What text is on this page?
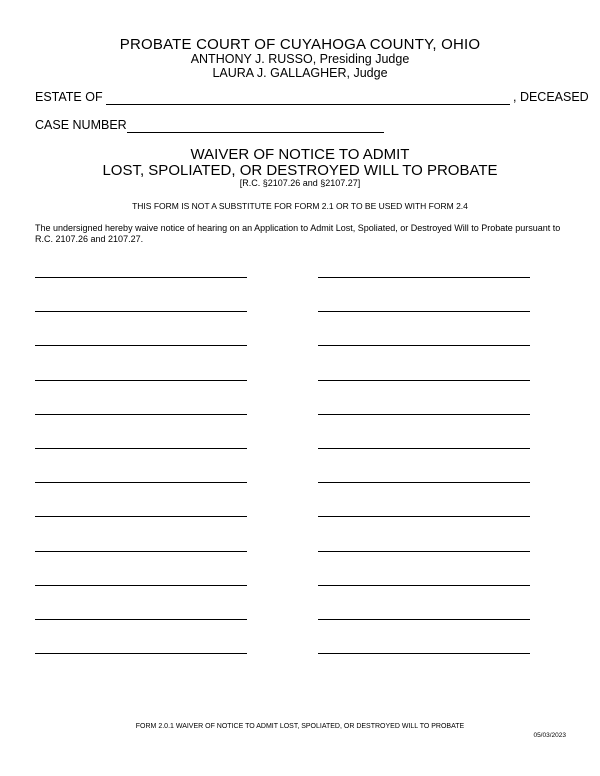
PROBATE COURT OF CUYAHOGA COUNTY, OHIO
ANTHONY J. RUSSO, Presiding Judge
LAURA J. GALLAGHER, Judge
ESTATE OF	, DECEASED
CASE NUMBER
WAIVER OF NOTICE TO ADMIT
LOST, SPOLIATED, OR DESTROYED WILL TO PROBATE
[R.C. §2107.26 and §2107.27]
THIS FORM IS NOT A SUBSTITUTE FOR FORM 2.1 OR TO BE USED WITH FORM 2.4
The undersigned hereby waive notice of hearing on an Application to Admit Lost, Spoliated, or Destroyed Will to Probate pursuant to R.C. 2107.26 and 2107.27.
FORM 2.0.1 WAIVER OF NOTICE TO ADMIT LOST, SPOLIATED, OR DESTROYED WILL TO PROBATE
05/03/2023
